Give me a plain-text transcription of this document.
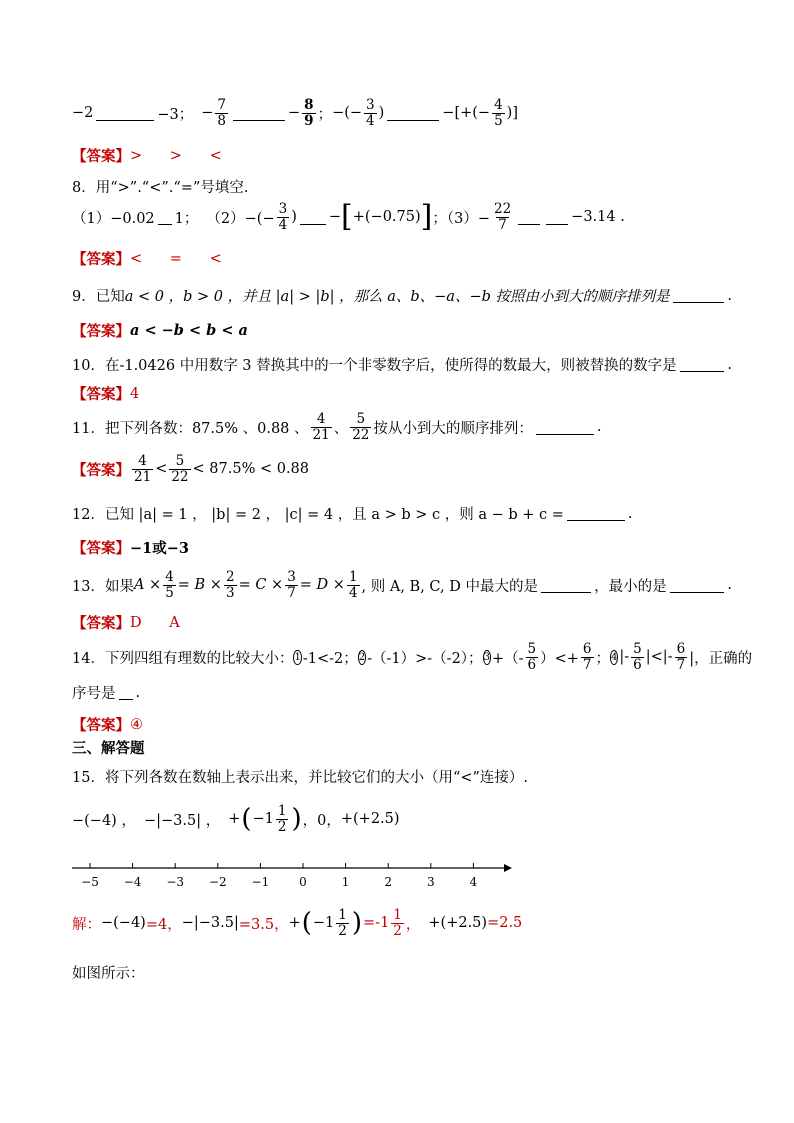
−2	−3； − $\frac{7}{8}$	− $\frac{8}{9}$ ； −(− $\frac{3}{4}$ )	−[+(− $\frac{4}{5}$ )]
【答案】 >      >      <
8．用“>”.“<”.“=”号填空.
（1）−0.02 1； $(2)-(- \frac{3}{4}$ ) − [ +(−0.75) ] ；$(3)- \frac{22}{7}$	−3.14 .
【答案】 <      =      <
9．已知 a < 0 ，b > 0 ，并且 |a| > |b| ，那么 a、b、−a、−b 按照由小到大的顺序排列是	.
【答案】 a < −b < b < a
10．在-1.0426 中用数字 3 替换其中的一个非零数字后，使所得的数最大，则被替换的数字是	.
【答案】 4
11．把下列各数：87.5% 、0.88 、 $\frac{4}{21}$ 、 $\frac{5}{22}$ 按从小到大的顺序排列：	.
【答案】 $\frac{4}{21} < \frac{5}{22} < 87.5\% < 0.88$
12．已知 |a| = 1 ， |b| = 2 ， |c| = 4 ，且 a > b > c ，则 a − b + c =	.
【答案】 −1或−3
13．如果 $A \times \frac{4}{5} = B \times \frac{2}{3} = C \times \frac{3}{7} = D \times \frac{1}{4}$ , 则 A, B, C, D 中最大的是	，最小的是	.
【答案】 D      A
14．下列四组有理数的比较大小： 1 -1<-2； 2 -（-1）>-（-2）； 3 +（- $\frac{5}{6}$ ）<+ $\frac{6}{7}$ ； 4 |- $\frac{5}{6}$ |<|- $\frac{6}{7}$ |，正确的
序号是 .
【答案】 ④
三、解答题
15．将下列各数在数轴上表示出来，并比较它们的大小（用“<”连接）.
−(−4) ， −|−3.5| ， + ( $-1 \frac{1}{2}$ ) ，0， +(+2.5)
−5 −4 −3 −2 −1 0	1	2	3	4
解： −(−4) =4， −|−3.5| =3.5， + ( $-1 \frac{1}{2}$ ) $=-1 \frac{1}{2}$ ， +(+2.5) =2.5
如图所示：
